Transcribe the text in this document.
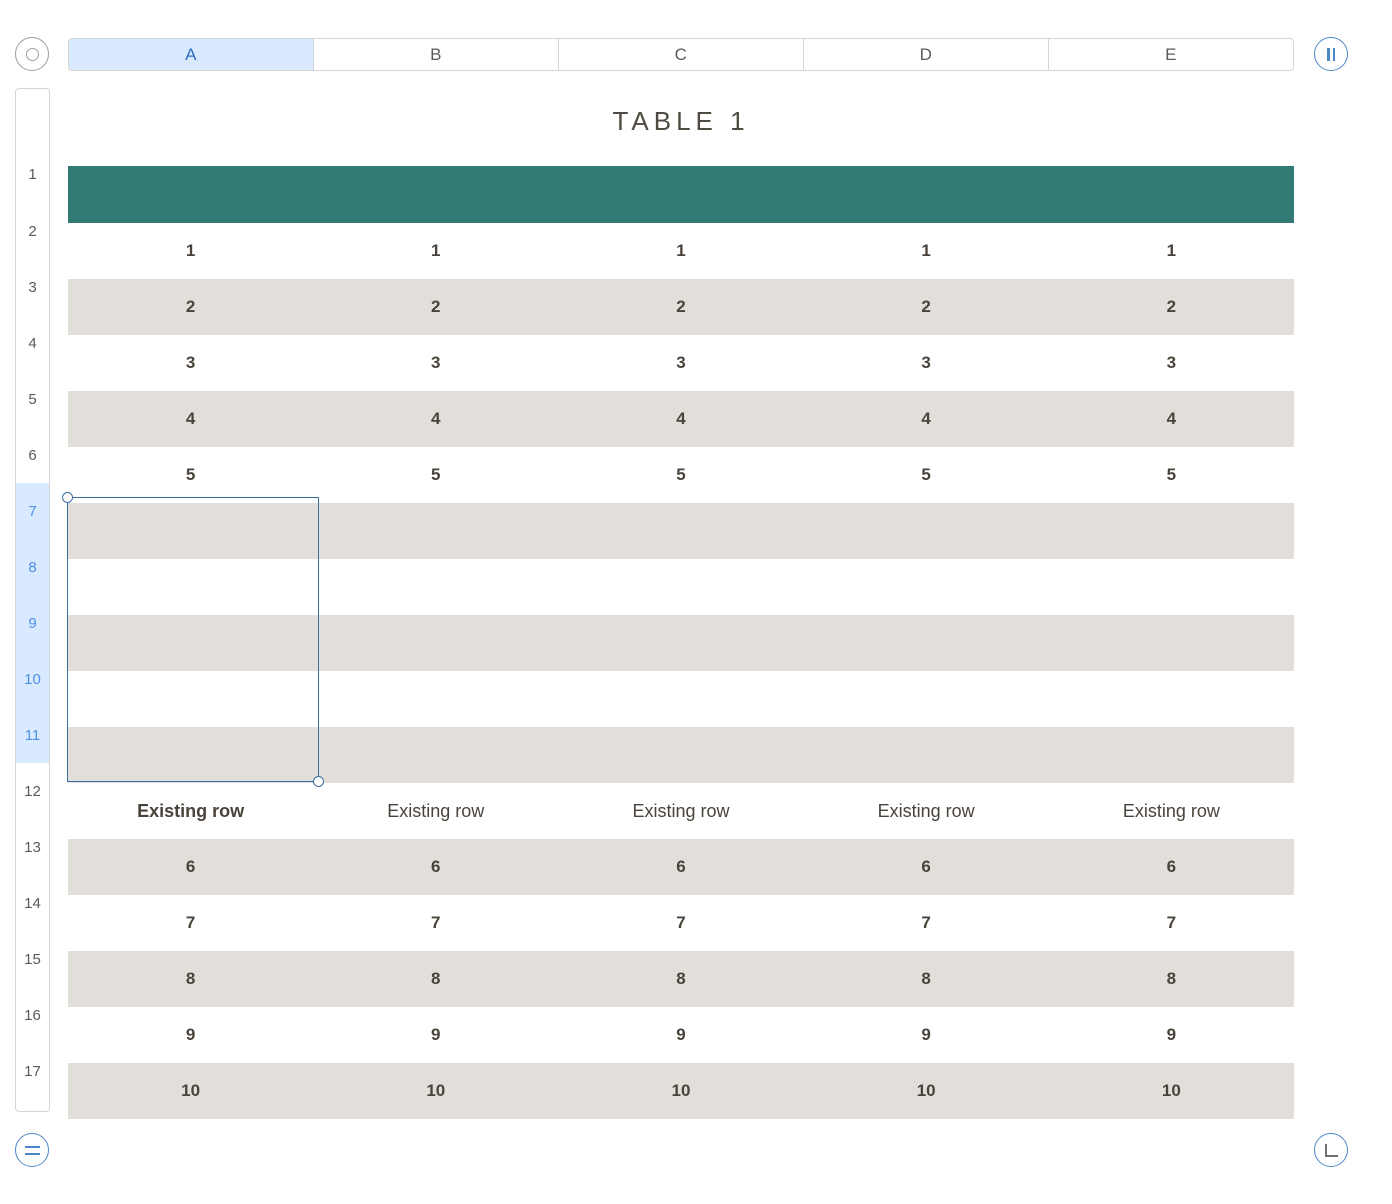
A	B	C	D	E
1
2
3
4
5
6
7
8
9
10
11
12
13
14
15
16
17
TABLE 1

1	1	1	1	1
2	2	2	2	2
3	3	3	3	3
4	4	4	4	4
5	5	5	5	5

Existing row	Existing row	Existing row	Existing row	Existing row
6	6	6	6	6
7	7	7	7	7
8	8	8	8	8
9	9	9	9	9
10	10	10	10	10
